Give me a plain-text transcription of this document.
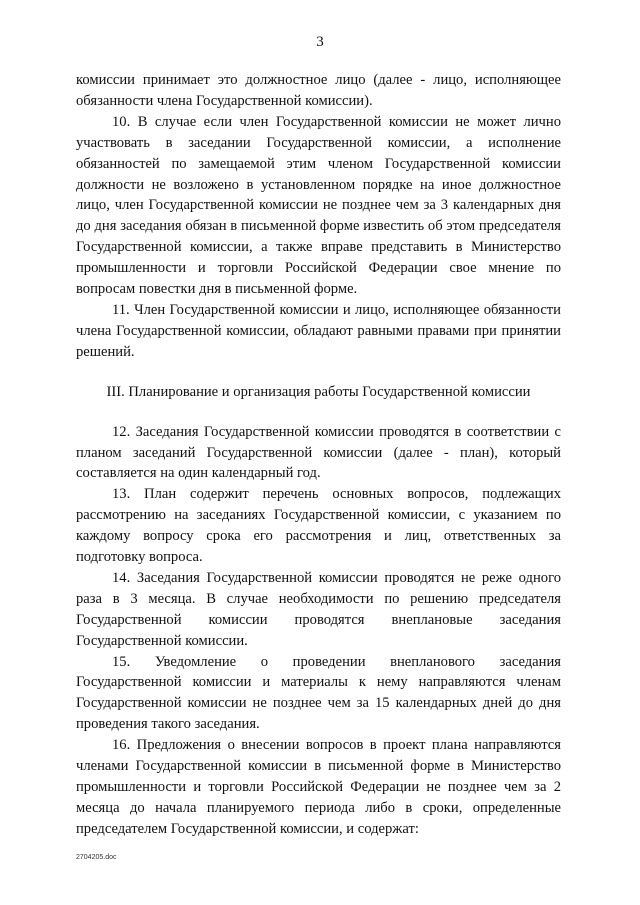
3

комиссии принимает это должностное лицо (далее - лицо, исполняющее обязанности члена Государственной комиссии).

10. В случае если член Государственной комиссии не может лично участвовать в заседании Государственной комиссии, а исполнение обязанностей по замещаемой этим членом Государственной комиссии должности не возложено в установленном порядке на иное должностное лицо, член Государственной комиссии не позднее чем за 3 календарных дня до дня заседания обязан в письменной форме известить об этом председателя Государственной комиссии, а также вправе представить в Министерство промышленности и торговли Российской Федерации свое мнение по вопросам повестки дня в письменной форме.

11. Член Государственной комиссии и лицо, исполняющее обязанности члена Государственной комиссии, обладают равными правами при принятии решений.

III. Планирование и организация работы Государственной комиссии

12. Заседания Государственной комиссии проводятся в соответствии с планом заседаний Государственной комиссии (далее - план), который составляется на один календарный год.

13. План содержит перечень основных вопросов, подлежащих рассмотрению на заседаниях Государственной комиссии, с указанием по каждому вопросу срока его рассмотрения и лиц, ответственных за подготовку вопроса.

14. Заседания Государственной комиссии проводятся не реже одного раза в 3 месяца. В случае необходимости по решению председателя Государственной комиссии проводятся внеплановые заседания Государственной комиссии.

15. Уведомление о проведении внепланового заседания Государственной комиссии и материалы к нему направляются членам Государственной комиссии не позднее чем за 15 календарных дней до дня проведения такого заседания.

16. Предложения о внесении вопросов в проект плана направляются членами Государственной комиссии в письменной форме в Министерство промышленности и торговли Российской Федерации не позднее чем за 2 месяца до начала планируемого периода либо в сроки, определенные председателем Государственной комиссии, и содержат:

2704205.doc
